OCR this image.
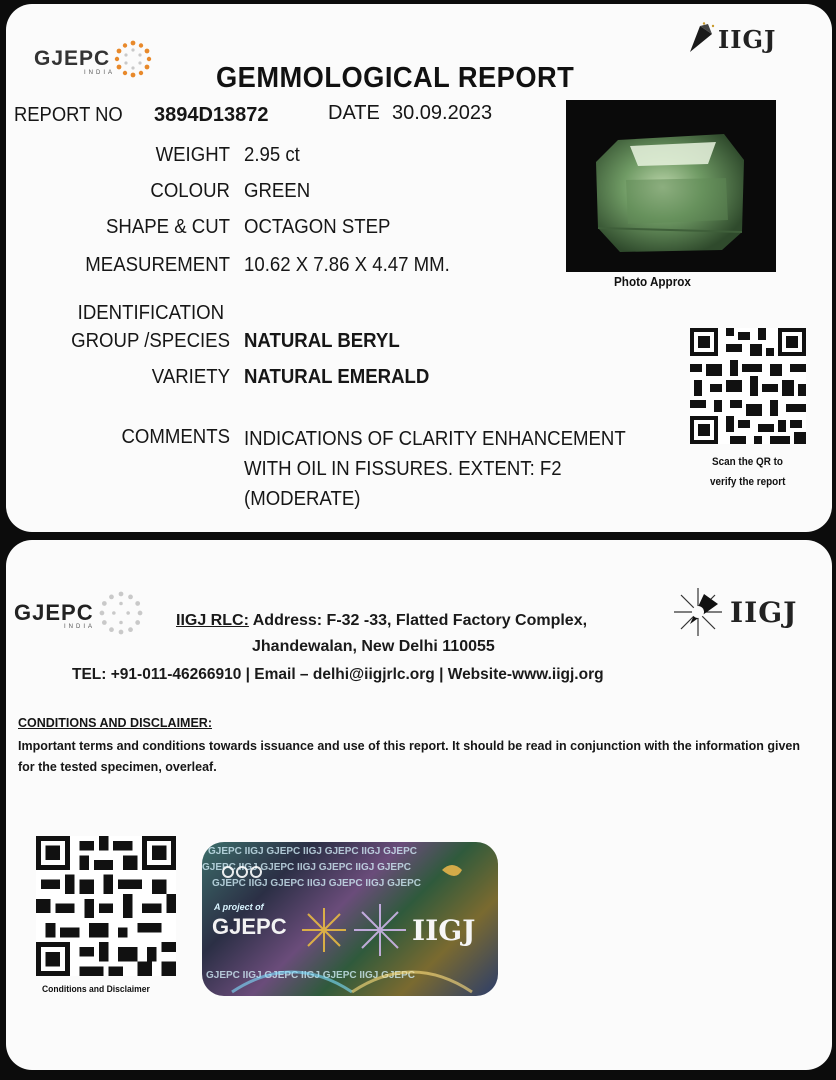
GJEPC
INDIA
IIGJ
GEMMOLOGICAL REPORT
REPORT NO	3894D13872	DATE 30.09.2023
WEIGHT 2.95 ct
COLOUR GREEN
SHAPE & CUT OCTAGON STEP
MEASUREMENT 10.62 X 7.86 X 4.47 MM.
IDENTIFICATION
GROUP /SPECIES NATURAL BERYL
VARIETY NATURAL EMERALD
COMMENTS INDICATIONS OF CLARITY ENHANCEMENT
WITH OIL IN FISSURES. EXTENT: F2
(MODERATE)
Photo Approx
Scan the QR to
verify the report
GJEPC
INDIA	IIGJ
IIGJ RLC: Address: F-32 -33, Flatted Factory Complex,
Jhandewalan, New Delhi 110055
TEL: +91-011-46266910 | Email – delhi@iigjrlc.org | Website-www.iigj.org
CONDITIONS AND DISCLAIMER:
Important terms and conditions towards issuance and use of this report. It should be read in conjunction with the information given for the tested specimen, overleaf.
Conditions and Disclaimer
GJEPC IIGJ GJEPC IIGJ GJEPC IIGJ GJEPC
GJEPC IIGJ GJEPC IIGJ GJEPC IIGJ GJEPC
GJEPC IIGJ GJEPC IIGJ GJEPC IIGJ GJEPC
GJEPC IIGJ GJEPC IIGJ GJEPC IIGJ GJEPC
A project of
GJEPC	IIGJ
